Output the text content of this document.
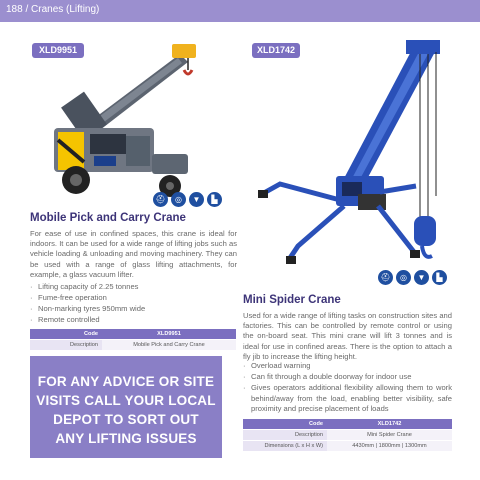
188 / Cranes (Lifting)
XLD9951
⛑	◎	▼	▙
Mobile Pick and Carry Crane
For ease of use in confined spaces, this crane is ideal for indoors. It can be used for a wide range of lifting jobs such as vehicle loading & unloading and moving machinery. They can be used with a range of glass lifting attachments, for example, a glass vacuum lifter.
· Lifting capacity of 2.25 tonnes
· Fume-free operation
· Non-marking tyres 950mm wide
· Remote controlled
Code	XLD9951
Description	Mobile Pick and Carry Crane
FOR ANY ADVICE OR SITE
VISITS CALL YOUR LOCAL
DEPOT TO SORT OUT
ANY LIFTING ISSUES
XLD1742
⛑	◎	▼	▙
Mini Spider Crane
Used for a wide range of lifting tasks on construction sites and factories. This can be controlled by remote control or using the on-board seat. This mini crane will lift 3 tonnes and is ideal for use in confined areas. There is the option to attach a fly jib to increase the lifting height.
· Overload warning
· Can fit through a double doorway for indoor use
· Gives operators additional flexibility allowing them to work behind/away from the load, enabling better visibility, safe proximity and precise placement of loads
Code	XLD1742
Description	Mini Spider Crane
Dimensions (L x H x W)	4430mm | 1800mm | 1300mm
